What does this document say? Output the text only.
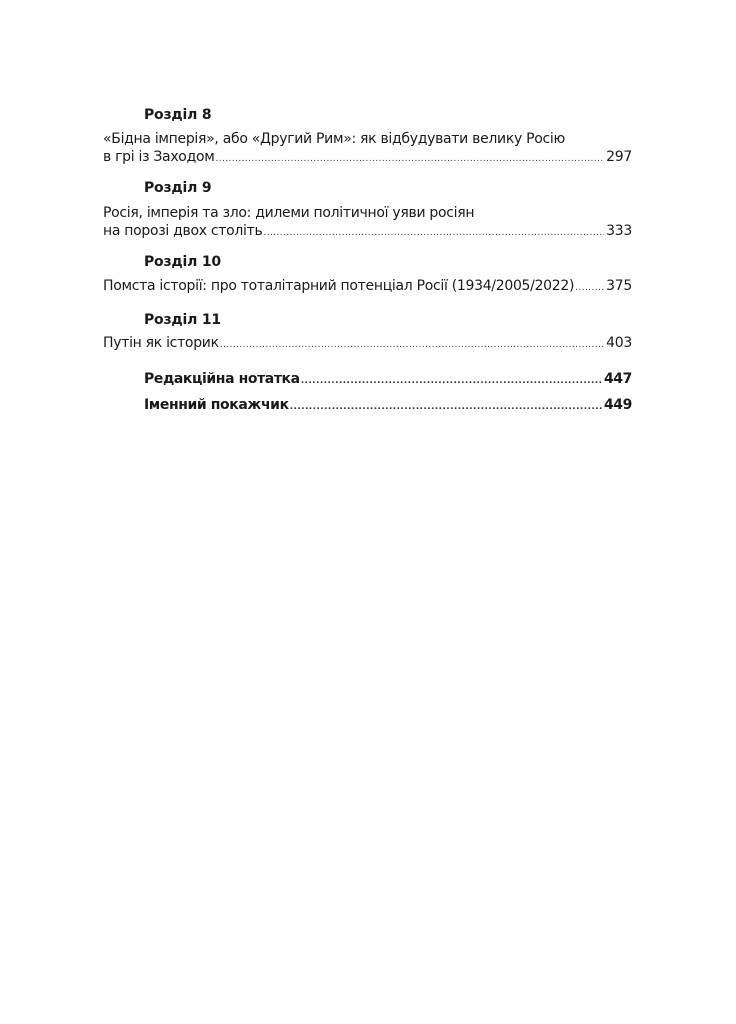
Розділ 8
«Бідна імперія», або «Другий Рим»: як відбудувати велику Росію
в грі із Заходом .....	297
Розділ 9
Росія, імперія та зло: дилеми політичної уяви росіян
на порозі двох століть .....	333
Розділ 10
Помста історії: про тоталітарний потенціал Росії (1934/2005/2022) ..... 375
Розділ 11
Путін як історик .....	403
Редакційна нотатка .....	447
Іменний покажчик .....	449
